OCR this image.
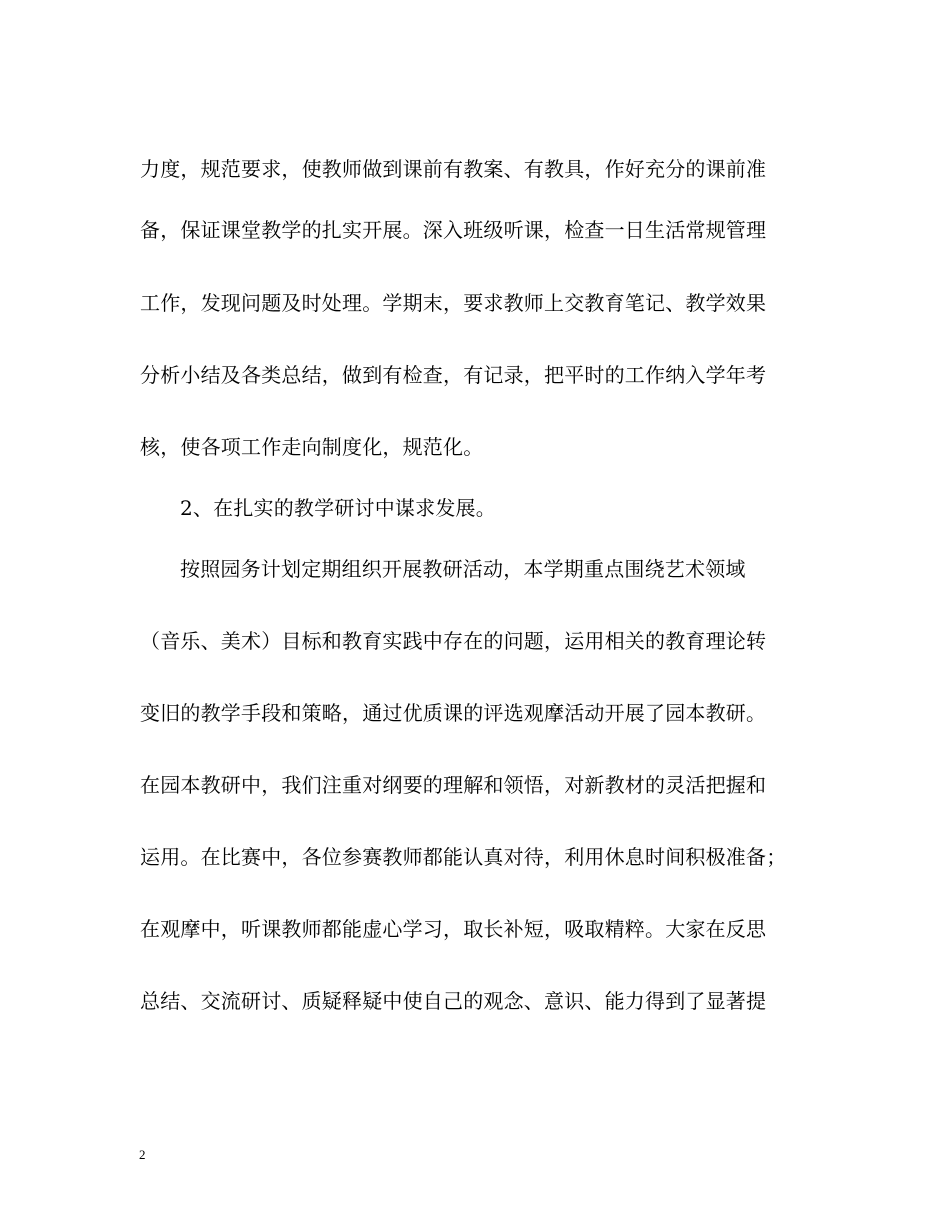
力度，规范要求，使教师做到课前有教案、有教具，作好充分的课前准
备，保证课堂教学的扎实开展。深入班级听课，检查一日生活常规管理
工作，发现问题及时处理。学期末，要求教师上交教育笔记、教学效果
分析小结及各类总结，做到有检查，有记录，把平时的工作纳入学年考
核，使各项工作走向制度化，规范化。
2、在扎实的教学研讨中谋求发展。
按照园务计划定期组织开展教研活动，本学期重点围绕艺术领域
（音乐、美术）目标和教育实践中存在的问题，运用相关的教育理论转
变旧的教学手段和策略，通过优质课的评选观摩活动开展了园本教研。
在园本教研中，我们注重对纲要的理解和领悟，对新教材的灵活把握和
运用。在比赛中，各位参赛教师都能认真对待，利用休息时间积极准备；
在观摩中，听课教师都能虚心学习，取长补短，吸取精粹。大家在反思
总结、交流研讨、质疑释疑中使自己的观念、意识、能力得到了显著提
2
